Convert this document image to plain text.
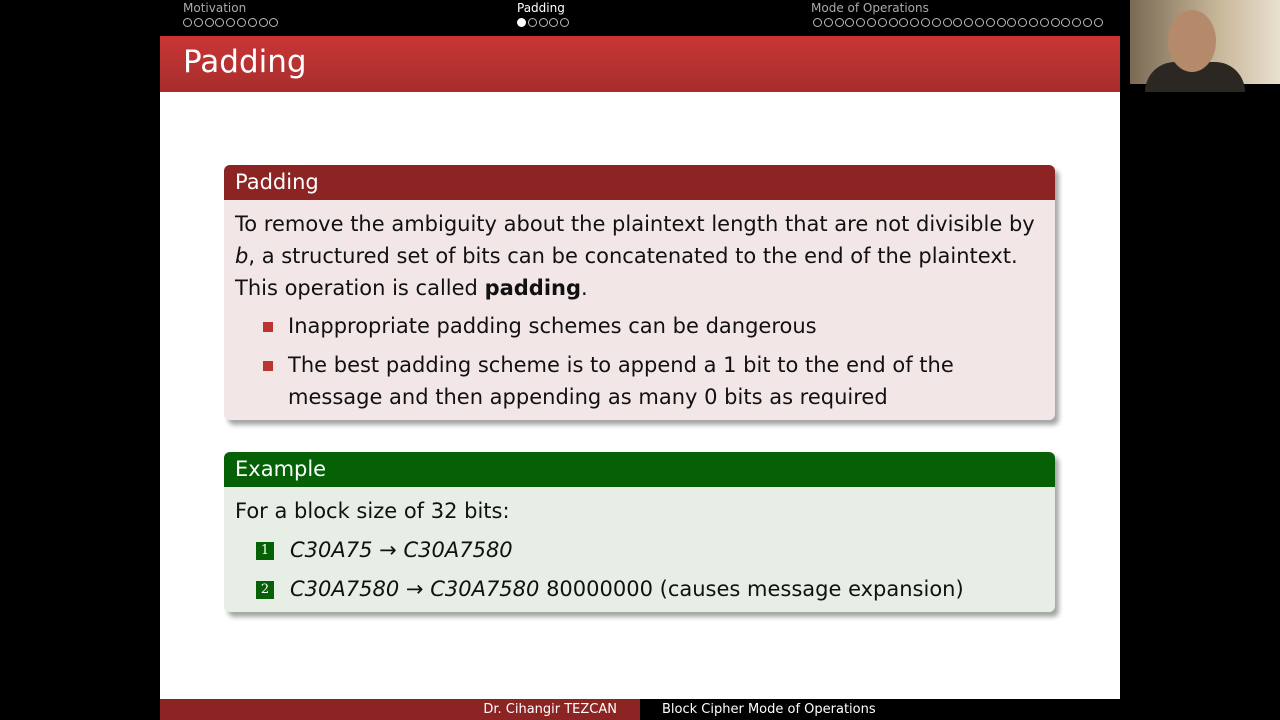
Motivation	Padding	Mode of Operations
Padding
Padding
To remove the ambiguity about the plaintext length that are not divisible by b, a structured set of bits can be concatenated to the end of the plaintext. This operation is called padding.
Inappropriate padding schemes can be dangerous
The best padding scheme is to append a 1 bit to the end of the message and then appending as many 0 bits as required
Example
For a block size of 32 bits:
1 C30A75 → C30A7580
2 C30A7580 → C30A7580 80000000 (causes message expansion)
Dr. Cihangir TEZCAN	Block Cipher Mode of Operations
